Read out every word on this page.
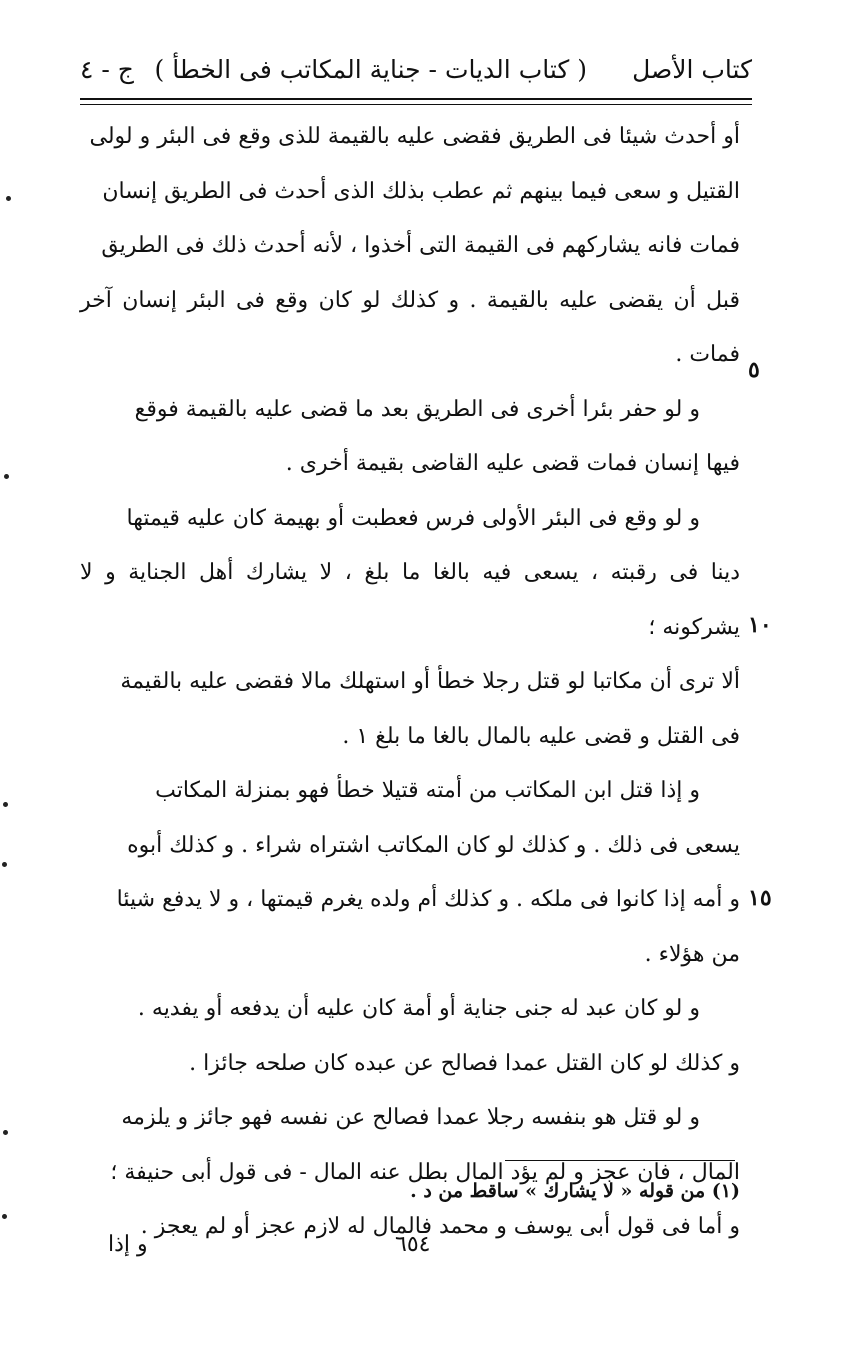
كتاب الأصل
( كتاب الديات - جناية المكاتب فى الخطأ )
ج - ٤

أو أحدث شيئا فى الطريق فقضى عليه بالقيمة للذى وقع فى البئر و لولى

القتيل و سعى فيما بينهم ثم عطب بذلك الذى أحدث فى الطريق إنسان

فمات فانه يشاركهم فى القيمة التى أخذوا ، لأنه أحدث ذلك فى الطريق

قبل أن يقضى عليه بالقيمة . و كذلك لو كان وقع فى البئر إنسان آخر فمات .

و لو حفر بئرا أخرى فى الطريق بعد ما قضى عليه بالقيمة فوقع

فيها إنسان فمات قضى عليه القاضى بقيمة أخرى .

و لو وقع فى البئر الأولى فرس فعطبت أو بهيمة كان عليه قيمتها

دينا فى رقبته ، يسعى فيه بالغا ما بلغ ، لا يشارك أهل الجناية و لا يشركونه ؛

ألا ترى أن مكاتبا لو قتل رجلا خطأ أو استهلك مالا فقضى عليه بالقيمة

فى القتل و قضى عليه بالمال بالغا ما بلغ ١ .

و إذا قتل ابن المكاتب من أمته قتيلا خطأ فهو بمنزلة المكاتب

يسعى فى ذلك . و كذلك لو كان المكاتب اشتراه شراء . و كذلك أبوه

و أمه إذا كانوا فى ملكه . و كذلك أم ولده يغرم قيمتها ، و لا يدفع شيئا

من هؤلاء .

و لو كان عبد له جنى جناية أو أمة كان عليه أن يدفعه أو يفديه .

و كذلك لو كان القتل عمدا فصالح عن عبده كان صلحه جائزا .

و لو قتل هو بنفسه رجلا عمدا فصالح عن نفسه فهو جائز و يلزمه

المال ، فان عجز و لم يؤد المال بطل عنه المال - فى قول أبى حنيفة ؛

و أما فى قول أبى يوسف و محمد فالمال له لازم عجز أو لم يعجز .

٥
١٠
١٥
(١) من قوله « لا يشارك » ساقط من د .
٦٥٤
و إذا
